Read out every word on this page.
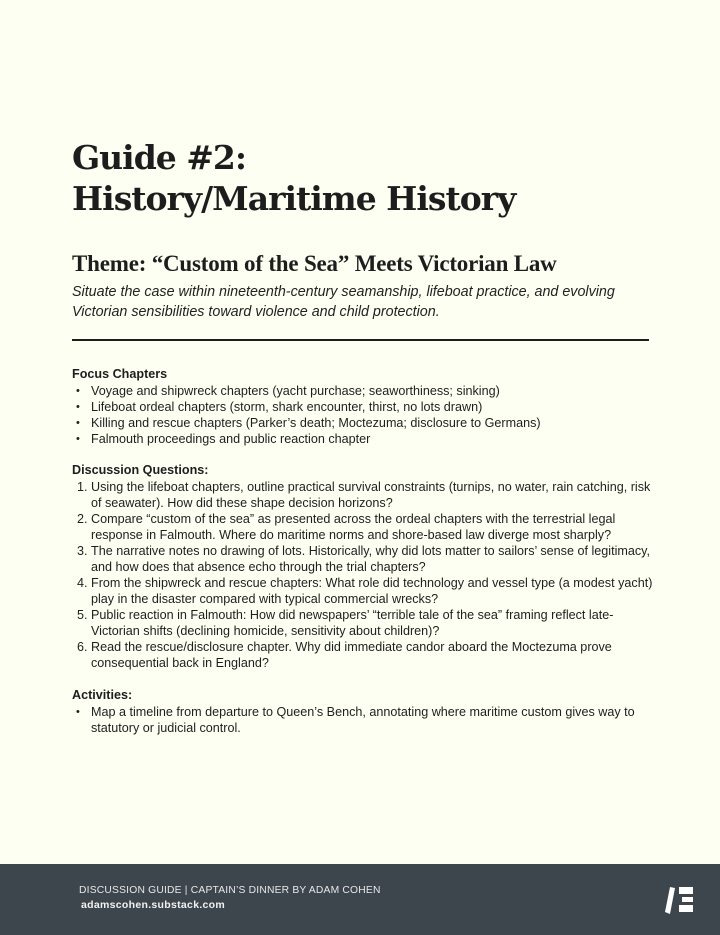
Guide #2:
History/Maritime History
Theme: “Custom of the Sea” Meets Victorian Law

Situate the case within nineteenth-century seamanship, lifeboat practice, and evolving Victorian sensibilities toward violence and child protection.

Focus Chapters
• Voyage and shipwreck chapters (yacht purchase; seaworthiness; sinking)
• Lifeboat ordeal chapters (storm, shark encounter, thirst, no lots drawn)
• Killing and rescue chapters (Parker’s death; Moctezuma; disclosure to Germans)
• Falmouth proceedings and public reaction chapter
Discussion Questions:
1. Using the lifeboat chapters, outline practical survival constraints (turnips, no water, rain catching, risk of seawater). How did these shape decision horizons?
2. Compare “custom of the sea” as presented across the ordeal chapters with the terrestrial legal response in Falmouth. Where do maritime norms and shore-based law diverge most sharply?
3. The narrative notes no drawing of lots. Historically, why did lots matter to sailors’ sense of legitimacy, and how does that absence echo through the trial chapters?
4. From the shipwreck and rescue chapters: What role did technology and vessel type (a modest yacht) play in the disaster compared with typical commercial wrecks?
5. Public reaction in Falmouth: How did newspapers’ “terrible tale of the sea” framing reflect late-Victorian shifts (declining homicide, sensitivity about children)?
6. Read the rescue/disclosure chapter. Why did immediate candor aboard the Moctezuma prove consequential back in England?
Activities:
• Map a timeline from departure to Queen’s Bench, annotating where maritime custom gives way to statutory or judicial control.
DISCUSSION GUIDE | CAPTAIN’S DINNER BY ADAM COHEN
adamscohen.substack.com
